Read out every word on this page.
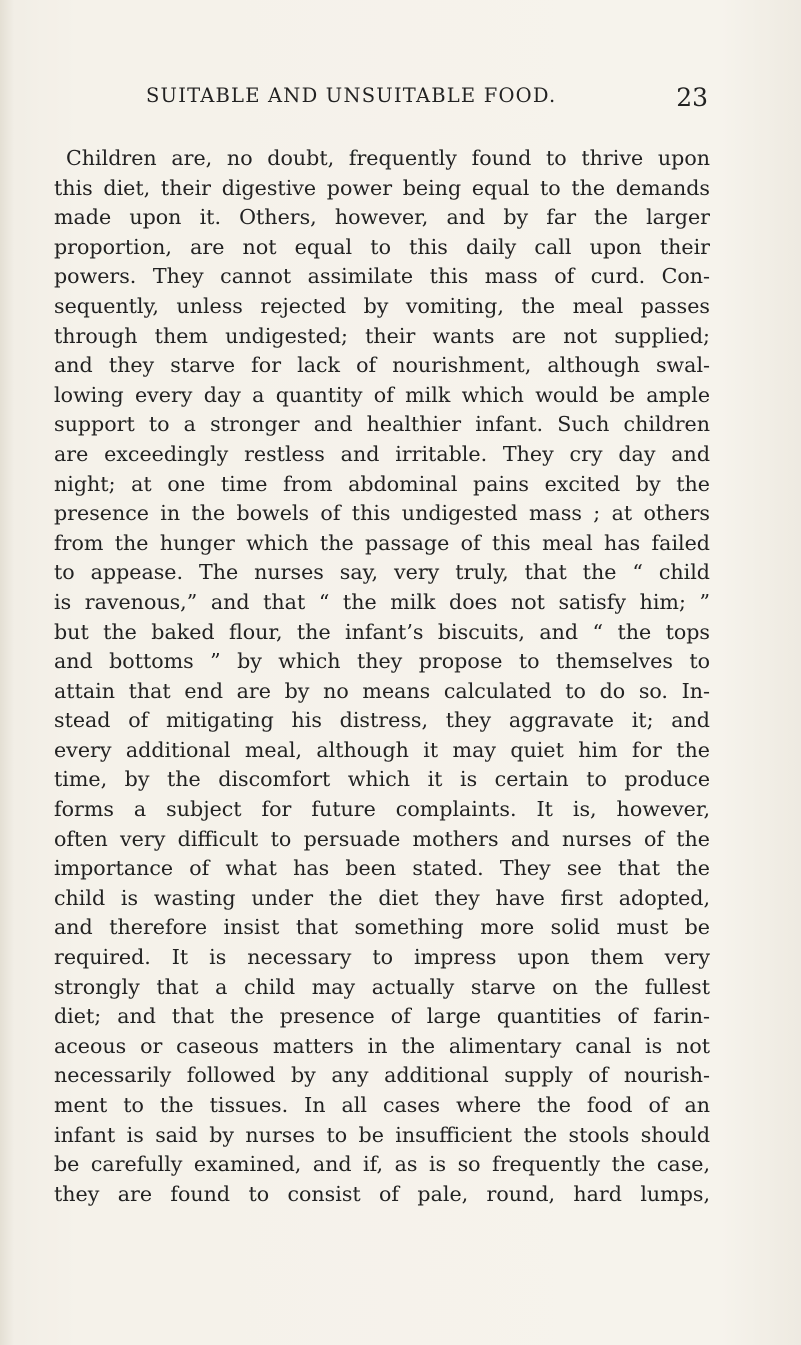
SUITABLE AND UNSUITABLE FOOD.	23
Children are, no doubt, frequently found to thrive upon
this diet, their digestive power being equal to the demands
made upon it. Others, however, and by far the larger
proportion, are not equal to this daily call upon their
powers. They cannot assimilate this mass of curd. Con-
sequently, unless rejected by vomiting, the meal passes
through them undigested; their wants are not supplied;
and they starve for lack of nourishment, although swal-
lowing every day a quantity of milk which would be ample
support to a stronger and healthier infant. Such children
are exceedingly restless and irritable. They cry day and
night; at one time from abdominal pains excited by the
presence in the bowels of this undigested mass ; at others
from the hunger which the passage of this meal has failed
to appease. The nurses say, very truly, that the “ child
is ravenous,” and that “ the milk does not satisfy him; ”
but the baked flour, the infant’s biscuits, and “ the tops
and bottoms ” by which they propose to themselves to
attain that end are by no means calculated to do so. In-
stead of mitigating his distress, they aggravate it; and
every additional meal, although it may quiet him for the
time, by the discomfort which it is certain to produce
forms a subject for future complaints. It is, however,
often very difficult to persuade mothers and nurses of the
importance of what has been stated. They see that the
child is wasting under the diet they have first adopted,
and therefore insist that something more solid must be
required. It is necessary to impress upon them very
strongly that a child may actually starve on the fullest
diet; and that the presence of large quantities of farin-
aceous or caseous matters in the alimentary canal is not
necessarily followed by any additional supply of nourish-
ment to the tissues. In all cases where the food of an
infant is said by nurses to be insufficient the stools should
be carefully examined, and if, as is so frequently the case,
they are found to consist of pale, round, hard lumps,
